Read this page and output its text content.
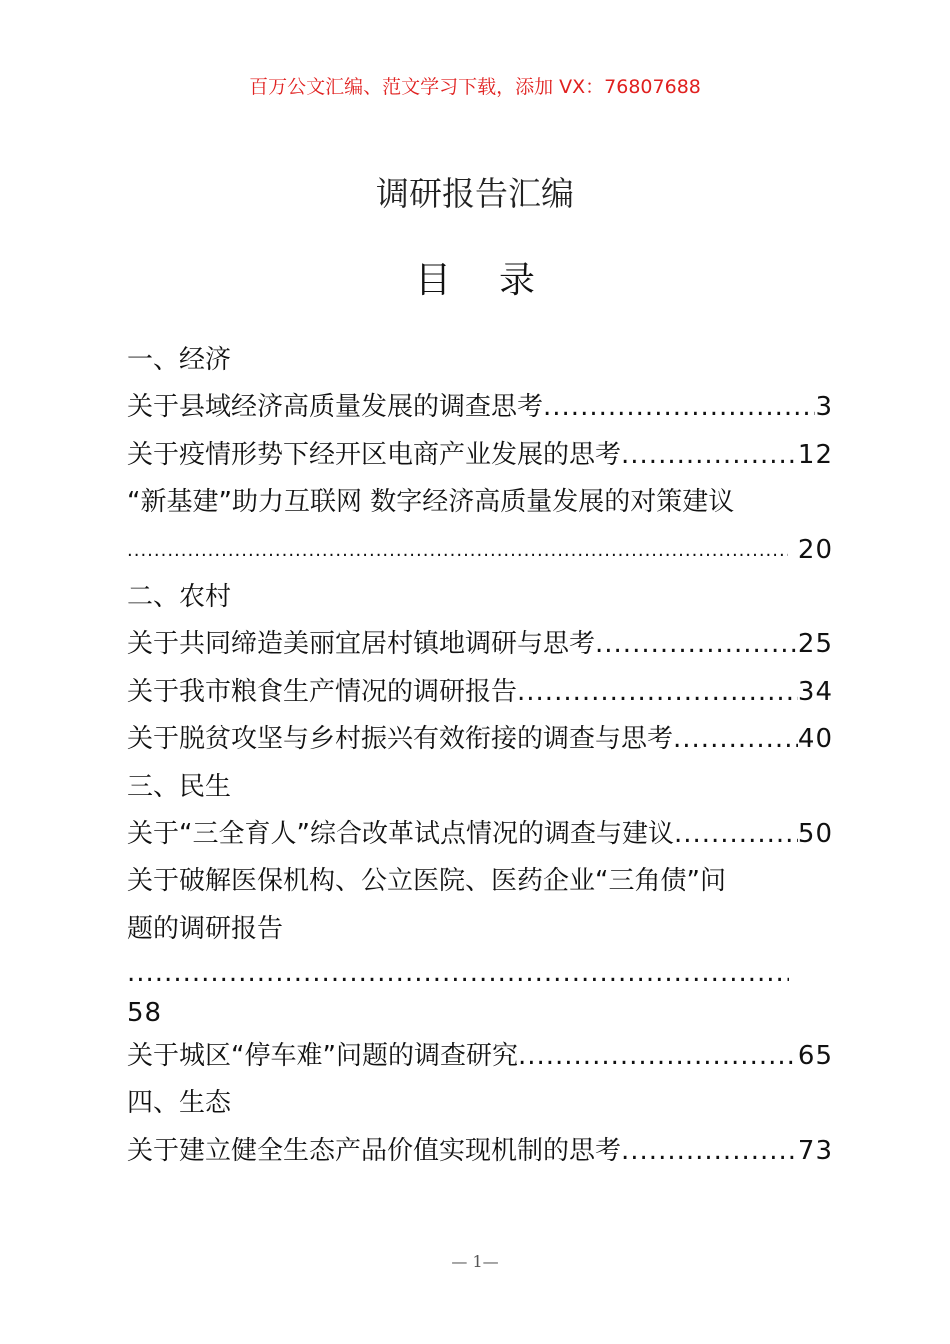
百万公文汇编、范文学习下载，添加 VX：76807688
调研报告汇编
目 录
一、经济
关于县域经济高质量发展的调查思考 .....	3
关于疫情形势下经开区电商产业发展的思考 .....	12
“新基建”助力互联网 数字经济高质量发展的对策建议
.....
20
二、农村
关于共同缔造美丽宜居村镇地调研与思考 .....	25
关于我市粮食生产情况的调研报告 .....	34
关于脱贫攻坚与乡村振兴有效衔接的调查与思考 .....	40
三、民生
关于“三全育人”综合改革试点情况的调查与建议 .....	50
关于破解医保机构、公立医院、医药企业“三角债”问
题的调研报告
.....
58
关于城区“停车难”问题的调查研究 .....	65
四、生态
关于建立健全生态产品价值实现机制的思考 .....	73
— 1—
